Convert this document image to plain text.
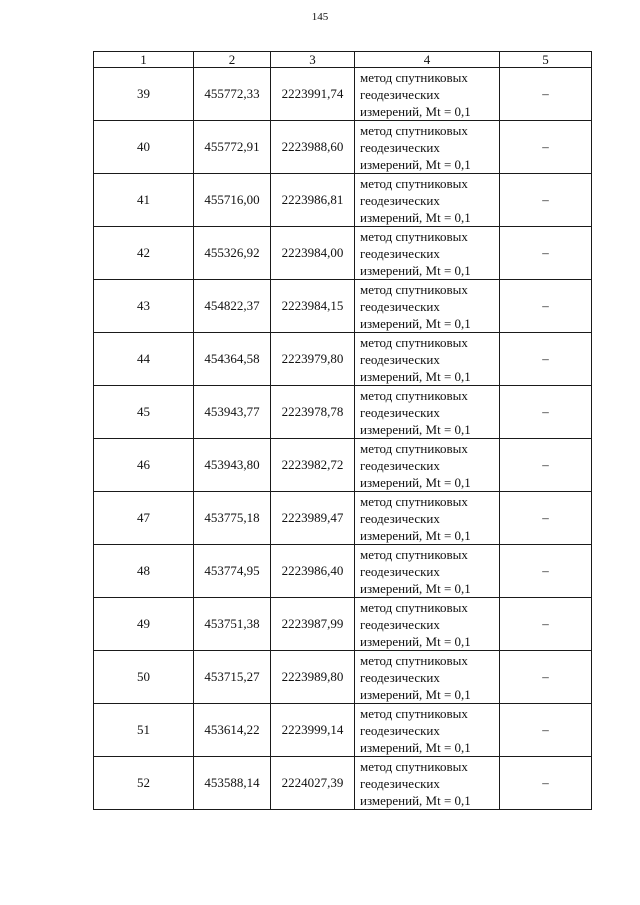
145
1	2	3	4	5
39	455772,33	2223991,74	метод спутниковых
геодезических
измерений, Mt = 0,1	–
40	455772,91	2223988,60	метод спутниковых
геодезических
измерений, Mt = 0,1	–
41	455716,00	2223986,81	метод спутниковых
геодезических
измерений, Mt = 0,1	–
42	455326,92	2223984,00	метод спутниковых
геодезических
измерений, Mt = 0,1	–
43	454822,37	2223984,15	метод спутниковых
геодезических
измерений, Mt = 0,1	–
44	454364,58	2223979,80	метод спутниковых
геодезических
измерений, Mt = 0,1	–
45	453943,77	2223978,78	метод спутниковых
геодезических
измерений, Mt = 0,1	–
46	453943,80	2223982,72	метод спутниковых
геодезических
измерений, Mt = 0,1	–
47	453775,18	2223989,47	метод спутниковых
геодезических
измерений, Mt = 0,1	–
48	453774,95	2223986,40	метод спутниковых
геодезических
измерений, Mt = 0,1	–
49	453751,38	2223987,99	метод спутниковых
геодезических
измерений, Mt = 0,1	–
50	453715,27	2223989,80	метод спутниковых
геодезических
измерений, Mt = 0,1	–
51	453614,22	2223999,14	метод спутниковых
геодезических
измерений, Mt = 0,1	–
52	453588,14	2224027,39	метод спутниковых
геодезических
измерений, Mt = 0,1	–
